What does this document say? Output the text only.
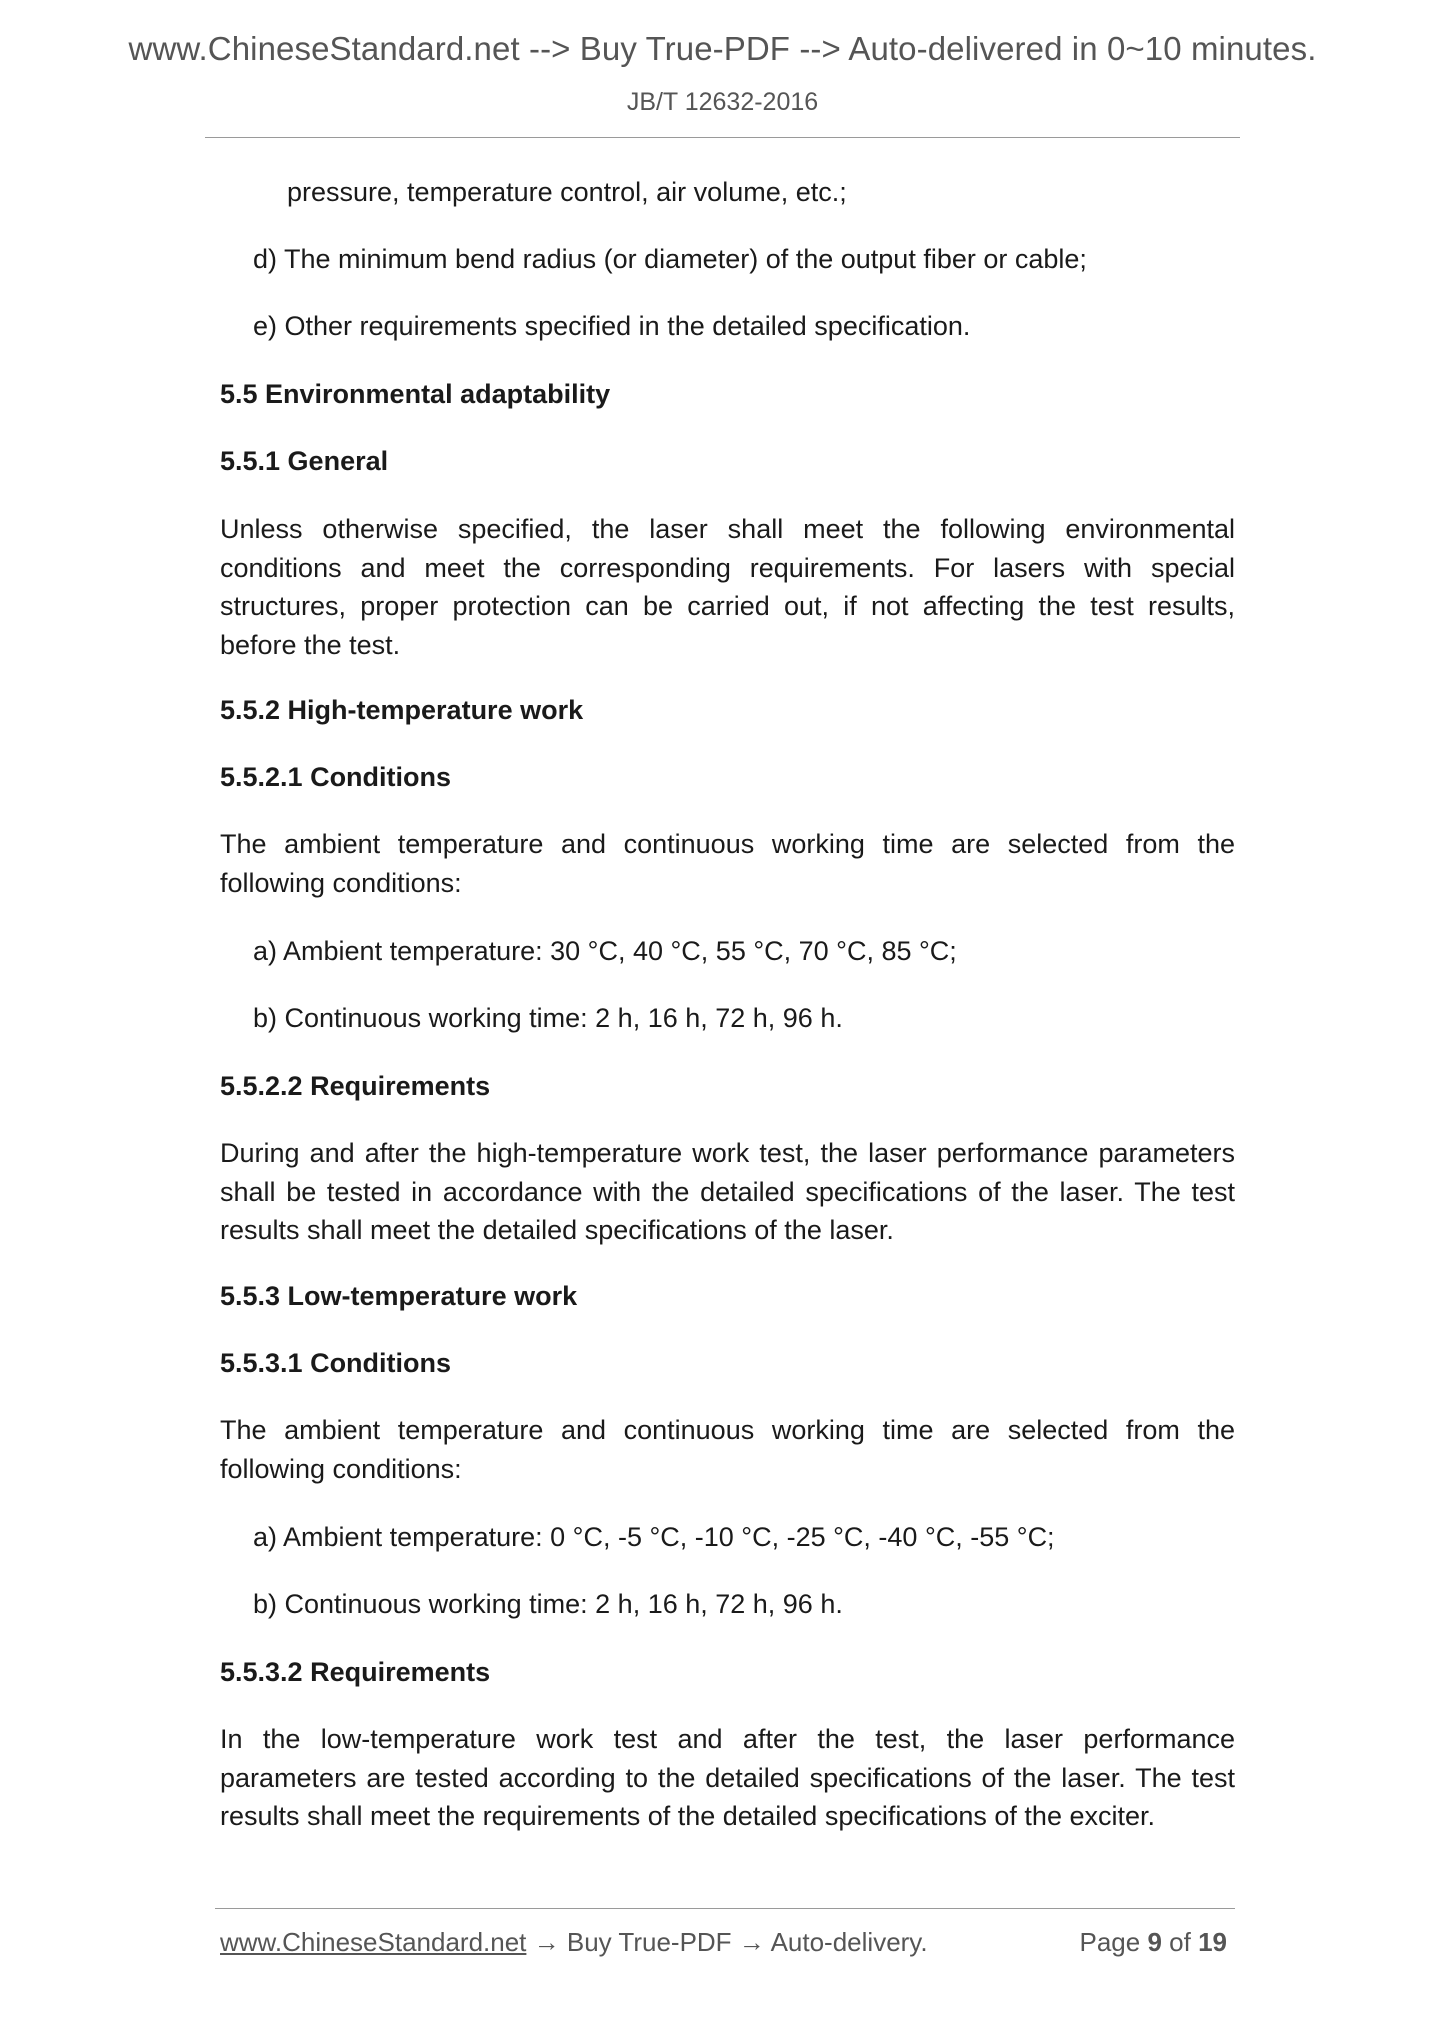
www.ChineseStandard.net --> Buy True-PDF --> Auto-delivered in 0~10 minutes.
JB/T 12632-2016
pressure, temperature control, air volume, etc.;
d) The minimum bend radius (or diameter) of the output fiber or cable;
e) Other requirements specified in the detailed specification.
5.5 Environmental adaptability
5.5.1 General
Unless otherwise specified, the laser shall meet the following environmental conditions and meet the corresponding requirements. For lasers with special structures, proper protection can be carried out, if not affecting the test results, before the test.
5.5.2 High-temperature work
5.5.2.1 Conditions
The ambient temperature and continuous working time are selected from the following conditions:
a) Ambient temperature: 30 °C, 40 °C, 55 °C, 70 °C, 85 °C;
b) Continuous working time: 2 h, 16 h, 72 h, 96 h.
5.5.2.2 Requirements
During and after the high-temperature work test, the laser performance parameters shall be tested in accordance with the detailed specifications of the laser. The test results shall meet the detailed specifications of the laser.
5.5.3 Low-temperature work
5.5.3.1 Conditions
The ambient temperature and continuous working time are selected from the following conditions:
a) Ambient temperature: 0 °C, -5 °C, -10 °C, -25 °C, -40 °C, -55 °C;
b) Continuous working time: 2 h, 16 h, 72 h, 96 h.
5.5.3.2 Requirements
In the low-temperature work test and after the test, the laser performance parameters are tested according to the detailed specifications of the laser. The test results shall meet the requirements of the detailed specifications of the exciter.
www.ChineseStandard.net → Buy True-PDF → Auto-delivery.	Page 9 of 19
